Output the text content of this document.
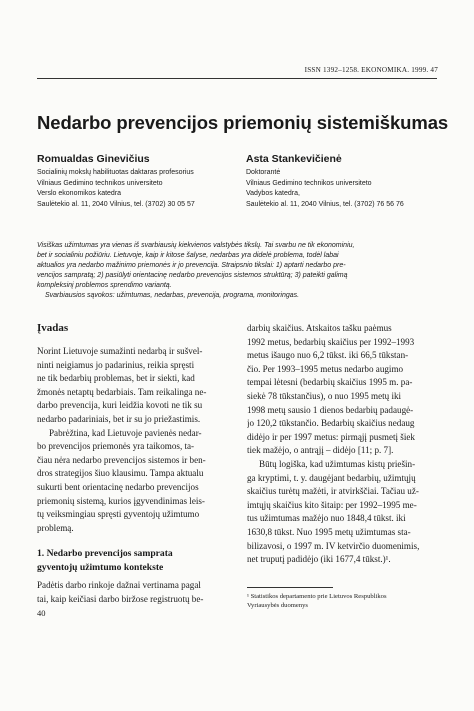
ISSN 1392–1258. EKONOMIKA. 1999. 47
Nedarbo prevencijos priemonių sistemiškumas
Romualdas Ginevičius
Socialinių mokslų habilituotas daktaras profesorius
Vilniaus Gedimino technikos universiteto
Verslo ekonomikos katedra
Saulėtekio al. 11, 2040 Vilnius, tel. (3702) 30 05 57
Asta Stankevičienė
Doktorantė
Vilniaus Gedimino technikos universiteto
Vadybos katedra,
Saulėtekio al. 11, 2040 Vilnius, tel. (3702) 76 56 76
Visiškas užimtumas yra vienas iš svarbiausių kiekvienos valstybės tikslų. Tai svarbu ne tik ekonominiu,
bet ir socialiniu požiūriu. Lietuvoje, kaip ir kitose šalyse, nedarbas yra didelė problema, todėl labai
aktualios yra nedarbo mažinimo priemonės ir jo prevencija. Straipsnio tikslai: 1) aptarti nedarbo pre-
vencijos sampratą; 2) pasiūlyti orientacinę nedarbo prevencijos sistemos struktūrą; 3) pateikti galimą
kompleksinį problemos sprendimo variantą.
Svarbiausios sąvokos: užimtumas, nedarbas, prevencija, programa, monitoringas.
Įvadas
Norint Lietuvoje sumažinti nedarbą ir sušvel-
ninti neigiamus jo padarinius, reikia spręsti
ne tik bedarbių problemas, bet ir siekti, kad
žmonės netaptų bedarbiais. Tam reikalinga ne-
darbo prevencija, kuri leidžia kovoti ne tik su
nedarbo padariniais, bet ir su jo priežastimis.
Pabrėžtina, kad Lietuvoje pavienės nedar-
bo prevencijos priemonės yra taikomos, ta-
čiau nėra nedarbo prevencijos sistemos ir ben-
dros strategijos šiuo klausimu. Tampa aktualu
sukurti bent orientacinę nedarbo prevencijos
priemonių sistemą, kurios įgyvendinimas leis-
tų veiksmingiau spręsti gyventojų užimtumo
problemą.
1. Nedarbo prevencijos samprata
gyventojų užimtumo kontekste
Padėtis darbo rinkoje dažnai vertinama pagal
tai, kaip keičiasi darbo biržose registruotų be-
darbių skaičius. Atskaitos tašku paėmus
1992 metus, bedarbių skaičius per 1992–1993
metus išaugo nuo 6,2 tūkst. iki 66,5 tūkstan-
čio. Per 1993–1995 metus nedarbo augimo
tempai lėtesni (bedarbių skaičius 1995 m. pa-
siekė 78 tūkstančius), o nuo 1995 metų iki
1998 metų sausio 1 dienos bedarbių padaugė-
jo 120,2 tūkstančio. Bedarbių skaičius nedaug
didėjo ir per 1997 metus: pirmąjį pusmetį šiek
tiek mažėjo, o antrąjį – didėjo [11; p. 7].
Būtų logiška, kad užimtumas kistų priešin-
ga kryptimi, t. y. daugėjant bedarbių, užimtųjų
skaičius turėtų mažėti, ir atvirkščiai. Tačiau už-
imtųjų skaičius kito šitaip: per 1992–1995 me-
tus užimtumas mažėjo nuo 1848,4 tūkst. iki
1630,8 tūkst. Nuo 1995 metų užimtumas sta-
bilizavosi, o 1997 m. IV ketvirčio duomenimis,
net truputį padidėjo (iki 1677,4 tūkst.)¹.
¹ Statistikos departamento prie Lietuvos Respublikos
Vyriausybės duomenys
40
